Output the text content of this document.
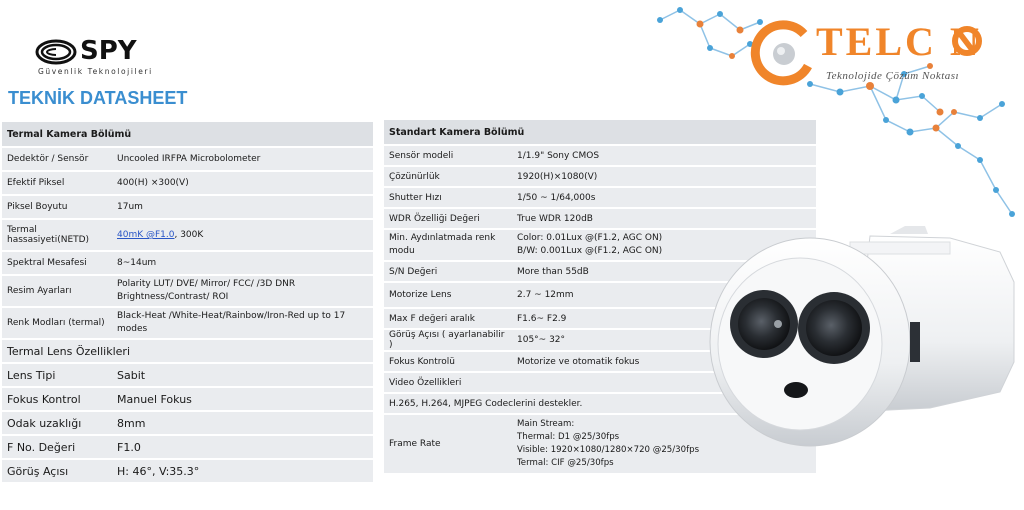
SPY
Güvenlik Teknolojileri
TEKNİK DATASHEET
TELC N
Teknolojide Çözüm Noktası
Termal Kamera Bölümü	
Dedektör / Sensör	Uncooled IRFPA Microbolometer
Efektif Piksel	400(H) ×300(V)
Piksel Boyutu	17um
Termal hassasiyeti(NETD)	40mK @F1.0, 300K
Spektral Mesafesi	8~14um
Resim Ayarları	Polarity LUT/ DVE/ Mirror/ FCC/ /3D DNR Brightness/Contrast/ ROI
Renk Modları (termal)	Black-Heat /White-Heat/Rainbow/Iron-Red up to 17 modes
Termal Lens Özellikleri	
Lens Tipi	Sabit
Fokus Kontrol	Manuel Fokus
Odak uzaklığı	8mm
F No. Değeri	F1.0
Görüş Açısı	H: 46°, V:35.3°
Standart Kamera Bölümü	
Sensör modeli	1/1.9" Sony CMOS
Çözünürlük	1920(H)×1080(V)
Shutter Hızı	1/50 ~ 1/64,000s
WDR Özelliği Değeri	True WDR 120dB
Min. Aydınlatmada renk modu	Color: 0.01Lux @(F1.2, AGC ON)
B/W: 0.001Lux @(F1.2, AGC ON)
S/N Değeri	More than 55dB
Motorize Lens	2.7 ~ 12mm
Max F değeri aralık	F1.6~ F2.9
Görüş Açısı ( ayarlanabilir )	105°~ 32°
Fokus Kontrolü	Motorize ve otomatik fokus
Video Özellikleri	
H.265, H.264, MJPEG Codeclerini destekler.	
Frame Rate	Main Stream:
Thermal: D1 @25/30fps
Visible: 1920×1080/1280×720 @25/30fps
Termal: CIF @25/30fps
